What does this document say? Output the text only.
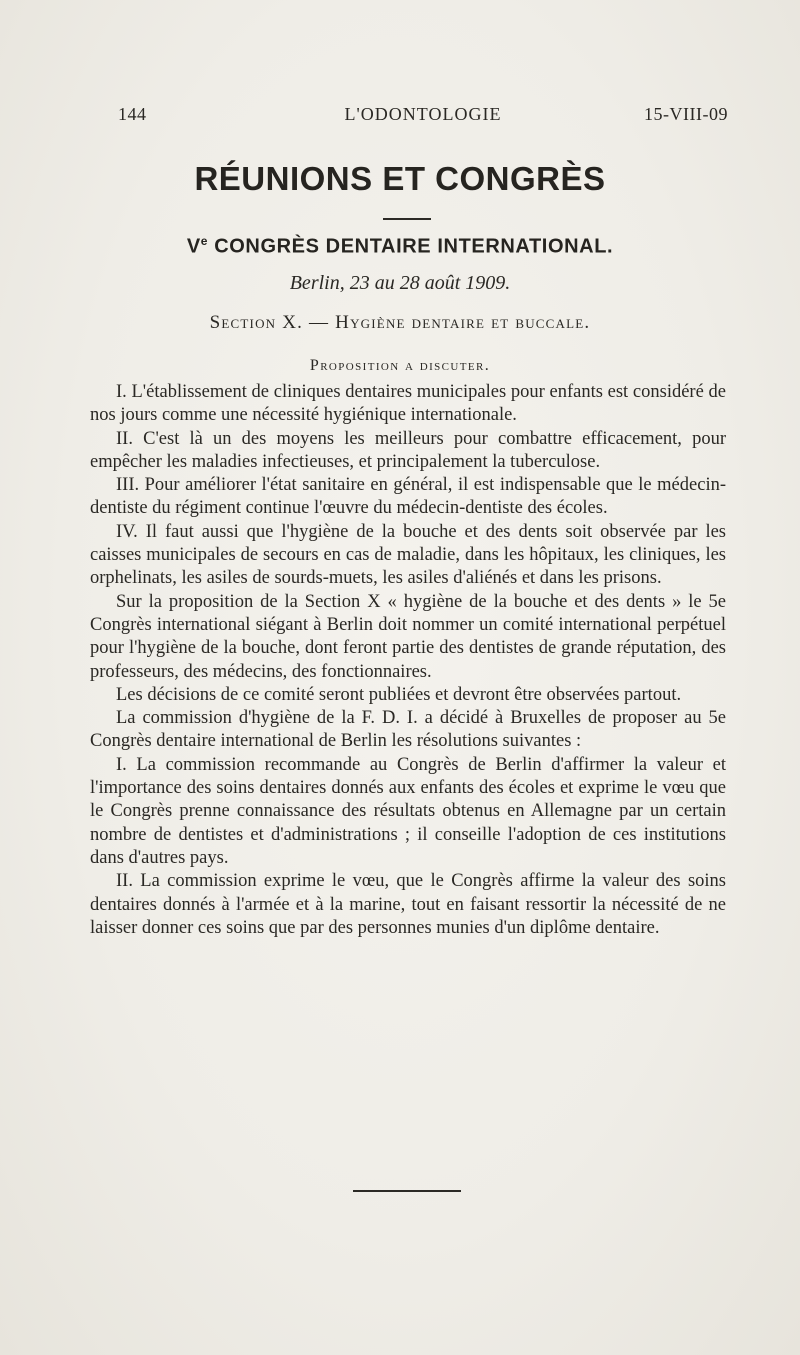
144	L'ODONTOLOGIE	15-VIII-09
RÉUNIONS ET CONGRÈS
Ve CONGRÈS DENTAIRE INTERNATIONAL.
Berlin, 23 au 28 août 1909.
Section X. — Hygiène dentaire et buccale.
Proposition a discuter.

I. L'établissement de cliniques dentaires municipales pour enfants est considéré de nos jours comme une nécessité hygiénique internationale.

II. C'est là un des moyens les meilleurs pour combattre efficacement, pour empêcher les maladies infectieuses, et principalement la tuberculose.

III. Pour améliorer l'état sanitaire en général, il est indispensable que le médecin-dentiste du régiment continue l'œuvre du médecin-dentiste des écoles.

IV. Il faut aussi que l'hygiène de la bouche et des dents soit observée par les caisses municipales de secours en cas de maladie, dans les hôpitaux, les cliniques, les orphelinats, les asiles de sourds-muets, les asiles d'aliénés et dans les prisons.

Sur la proposition de la Section X « hygiène de la bouche et des dents » le 5e Congrès international siégant à Berlin doit nommer un comité international perpétuel pour l'hygiène de la bouche, dont feront partie des dentistes de grande réputation, des professeurs, des médecins, des fonctionnaires.

Les décisions de ce comité seront publiées et devront être observées partout.

La commission d'hygiène de la F. D. I. a décidé à Bruxelles de proposer au 5e Congrès dentaire international de Berlin les résolutions suivantes :

I. La commission recommande au Congrès de Berlin d'affirmer la valeur et l'importance des soins dentaires donnés aux enfants des écoles et exprime le vœu que le Congrès prenne connaissance des résultats obtenus en Allemagne par un certain nombre de dentistes et d'administrations ; il conseille l'adoption de ces institutions dans d'autres pays.

II. La commission exprime le vœu, que le Congrès affirme la valeur des soins dentaires donnés à l'armée et à la marine, tout en faisant ressortir la nécessité de ne laisser donner ces soins que par des personnes munies d'un diplôme dentaire.
